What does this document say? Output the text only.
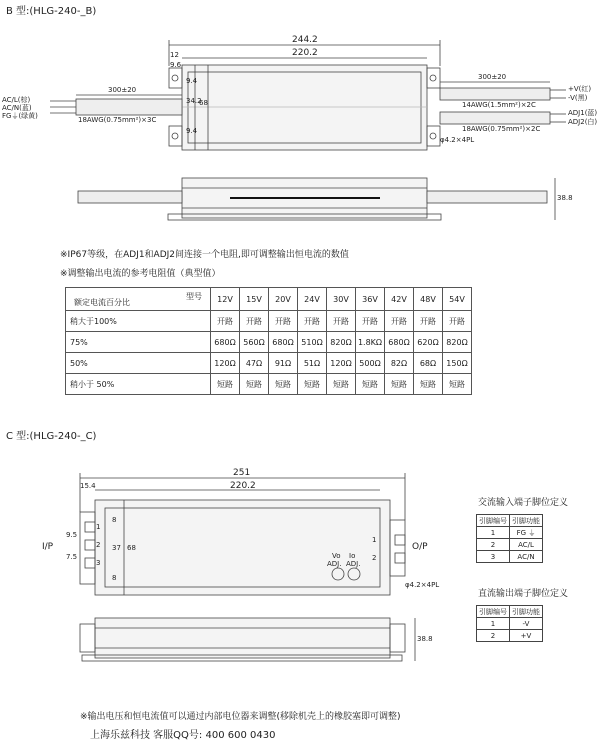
B 型:(HLG-240-_B)
244.2
220.2
12
9.6
9.4
34.2
68
9.4
38.8
φ4.2×4PL
300±20
18AWG(0.75mm²)×3C
AC/L(棕)
AC/N(蓝)
FG⏚(绿黄)
300±20
14AWG(1.5mm²)×2C
18AWG(0.75mm²)×2C
+V(红)
-V(黑)
ADJ1(蓝)
ADJ2(白)
※IP67等级，在ADJ1和ADJ2间连接一个电阻,即可调整输出恒电流的数值
※调整输出电流的参考电阻值（典型值）
型号
额定电流百分比	12V	15V	20V	24V	30V	36V	42V	48V	54V
稍大于100%	开路	开路	开路	开路	开路	开路	开路	开路	开路
75%	680Ω	560Ω	680Ω	510Ω	820Ω	1.8KΩ	680Ω	620Ω	820Ω
50%	120Ω	47Ω	91Ω	51Ω	120Ω	500Ω	82Ω	68Ω	150Ω
稍小于 50%	短路	短路	短路	短路	短路	短路	短路	短路	短路
C 型:(HLG-240-_C)
251
220.2
15.4
8
37 68
8
9.5
7.5
38.8
φ4.2×4PL
I/P	O/P
1
2
3
1
2
Vo Io
ADJ. ADJ.
交流输入端子脚位定义
引脚编号	引脚功能
1	FG ⏚
2	AC/L
3	AC/N
直流输出端子脚位定义
引脚编号	引脚功能
1	-V
2	+V
※输出电压和恒电流值可以通过内部电位器来调整(移除机壳上的橡胶塞即可调整)
上海乐兹科技 客服QQ号: 400 600 0430
